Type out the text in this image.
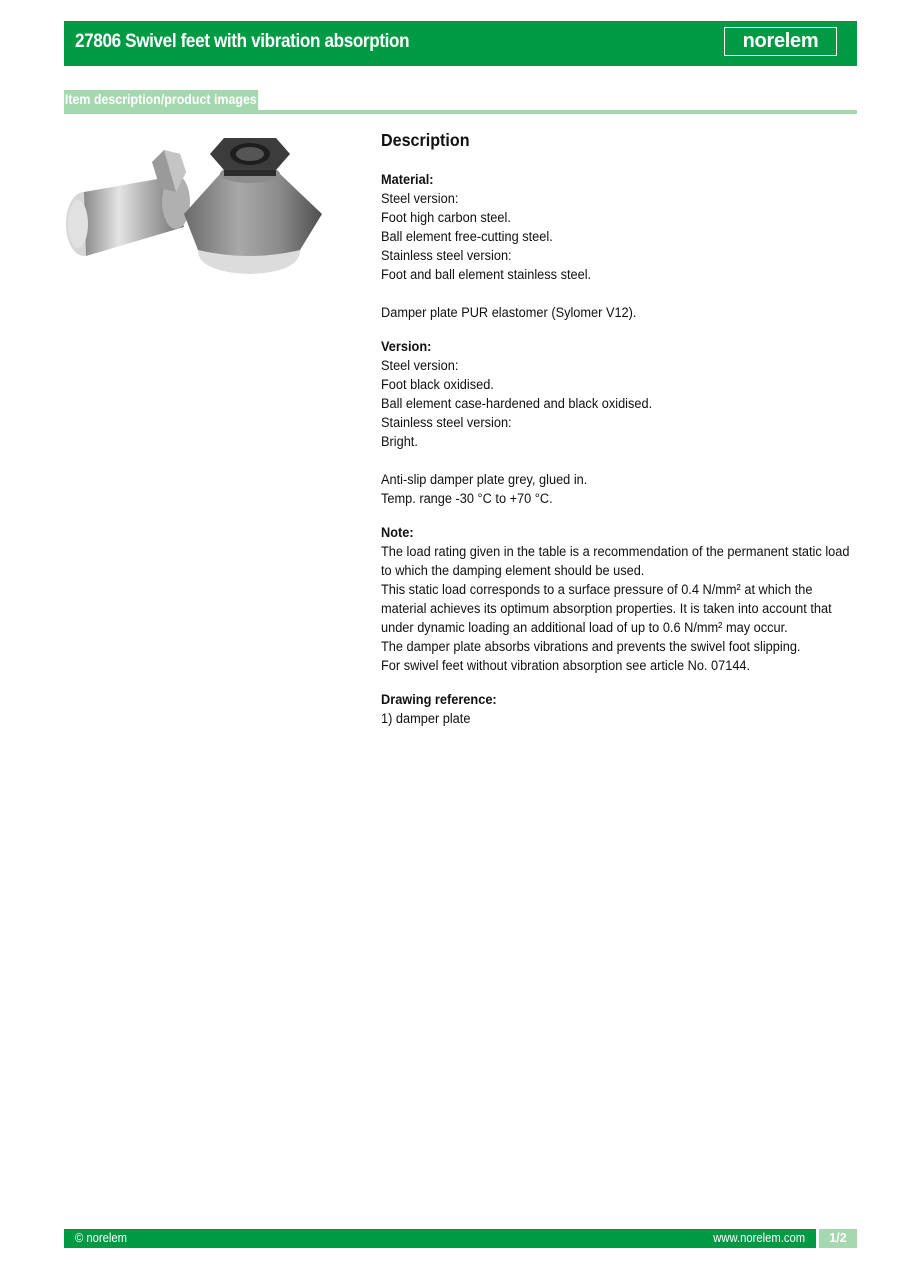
27806 Swivel feet with vibration absorption	norelem
Item description/product images
Description
Material:
Steel version:
Foot high carbon steel.
Ball element free-cutting steel.
Stainless steel version:
Foot and ball element stainless steel.
Damper plate PUR elastomer (Sylomer V12).
Version:
Steel version:
Foot black oxidised.
Ball element case-hardened and black oxidised.
Stainless steel version:
Bright.
Anti-slip damper plate grey, glued in.
Temp. range -30 °C to +70 °C.
Note:
The load rating given in the table is a recommendation of the permanent static load
to which the damping element should be used.
This static load corresponds to a surface pressure of 0.4 N/mm² at which the
material achieves its optimum absorption properties. It is taken into account that
under dynamic loading an additional load of up to 0.6 N/mm² may occur.
The damper plate absorbs vibrations and prevents the swivel foot slipping.
For swivel feet without vibration absorption see article No. 07144.
Drawing reference:
1) damper plate
© norelem	www.norelem.com	1/2
